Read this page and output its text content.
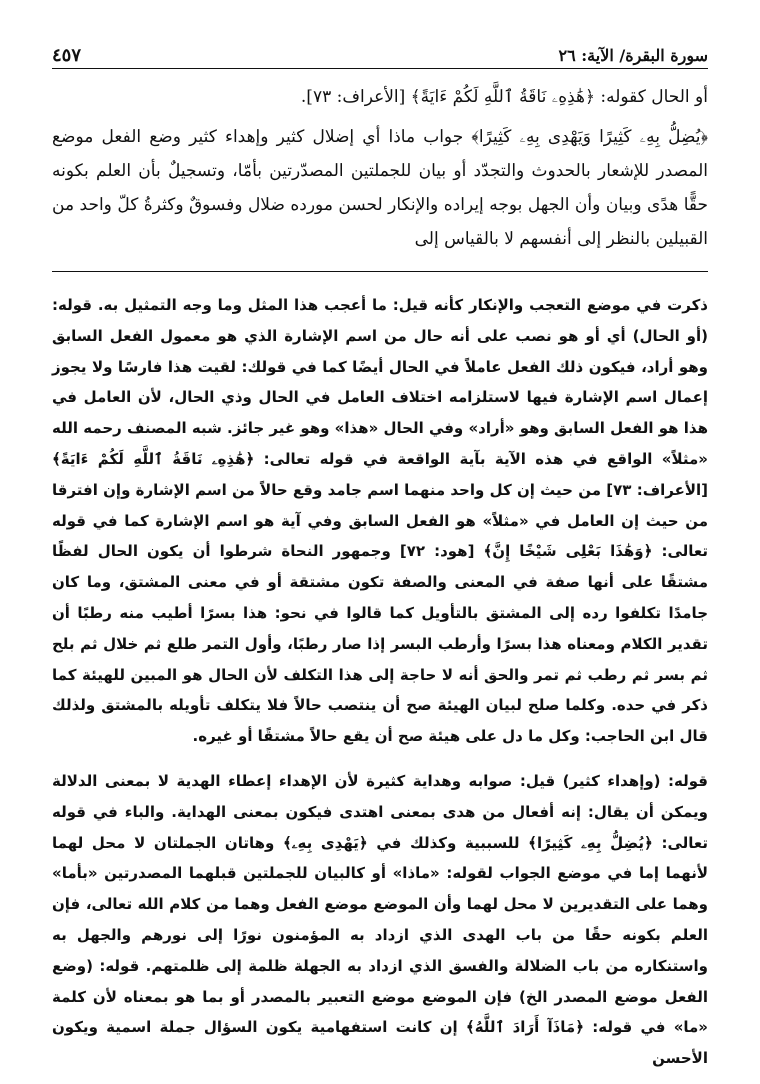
سورة البقرة/ الآية: ٢٦
٤٥٧

أو الحال كقوله: ﴿هَٰذِهِۦ نَاقَةُ ٱللَّهِ لَكُمْ ءَايَةً﴾ [الأعراف: ٧٣].

﴿يُضِلُّ بِهِۦ كَثِيرًا وَيَهْدِى بِهِۦ كَثِيرًا﴾ جواب ماذا أي إضلال كثير وإهداء كثير وضع الفعل موضع المصدر للإشعار بالحدوث والتجدّد أو بيان للجملتين المصدّرتين بأمّا، وتسجيلٌ بأن العلم بكونه حقًّا هدًى وبيان وأن الجهل بوجه إيراده والإنكار لحسن مورده ضلال وفسوقٌ وكثرةُ كلّ واحد من القبيلين بالنظر إلى أنفسهم لا بالقياس إلى

ذكرت في موضع التعجب والإنكار كأنه قيل: ما أعجب هذا المثل وما وجه التمثيل به. قوله: (أو الحال) أي أو هو نصب على أنه حال من اسم الإشارة الذي هو معمول الفعل السابق وهو أراد، فيكون ذلك الفعل عاملاً في الحال أيضًا كما في قولك: لقيت هذا فارسًا ولا يجوز إعمال اسم الإشارة فيها لاستلزامه اختلاف العامل في الحال وذي الحال، لأن العامل في هذا هو الفعل السابق وهو «أراد» وفي الحال «هذا» وهو غير جائز. شبه المصنف رحمه الله «مثلاً» الواقع في هذه الآية بآية الواقعة في قوله تعالى: ﴿هَٰذِهِۦ نَاقَةُ ٱللَّهِ لَكُمْ ءَايَةً﴾ [الأعراف: ٧٣] من حيث إن كل واحد منهما اسم جامد وقع حالاً من اسم الإشارة وإن افترقا من حيث إن العامل في «مثلاً» هو الفعل السابق وفي آية هو اسم الإشارة كما في قوله تعالى: ﴿وَهَٰذَا بَعْلِى شَيْخًا إِنَّ﴾ [هود: ٧٢] وجمهور النحاة شرطوا أن يكون الحال لفظًا مشتقًا على أنها صفة في المعنى والصفة تكون مشتقة أو في معنى المشتق، وما كان جامدًا تكلفوا رده إلى المشتق بالتأويل كما قالوا في نحو: هذا بسرًا أطيب منه رطبًا أن تقدير الكلام ومعناه هذا بسرًا وأرطب البسر إذا صار رطبًا، وأول التمر طلع ثم خلال ثم بلح ثم بسر ثم رطب ثم تمر والحق أنه لا حاجة إلى هذا التكلف لأن الحال هو المبين للهيئة كما ذكر في حده. وكلما صلح لبيان الهيئة صح أن ينتصب حالاً فلا يتكلف تأويله بالمشتق ولذلك قال ابن الحاجب: وكل ما دل على هيئة صح أن يقع حالاً مشتقًا أو غيره.

قوله: (وإهداء كثير) قيل: صوابه وهداية كثيرة لأن الإهداء إعطاء الهدية لا بمعنى الدلالة ويمكن أن يقال: إنه أفعال من هدى بمعنى اهتدى فيكون بمعنى الهداية. والباء في قوله تعالى: ﴿يُضِلُّ بِهِۦ كَثِيرًا﴾ للسببية وكذلك في ﴿يَهْدِى بِهِۦ﴾ وهاتان الجملتان لا محل لهما لأنهما إما في موضع الجواب لقوله: «ماذا» أو كالبيان للجملتين قبلهما المصدرتين «بأما» وهما على التقديرين لا محل لهما وأن الموضع موضع الفعل وهما من كلام الله تعالى، فإن العلم بكونه حقًا من باب الهدى الذي ازداد به المؤمنون نورًا إلى نورهم والجهل به واستنكاره من باب الضلالة والفسق الذي ازداد به الجهلة ظلمة إلى ظلمتهم. قوله: (وضع الفعل موضع المصدر الخ) فإن الموضع موضع التعبير بالمصدر أو بما هو بمعناه لأن كلمة «ما» في قوله: ﴿مَاذَآ أَرَادَ ٱللَّهُ﴾ إن كانت استفهامية يكون السؤال جملة اسمية ويكون الأحسن
